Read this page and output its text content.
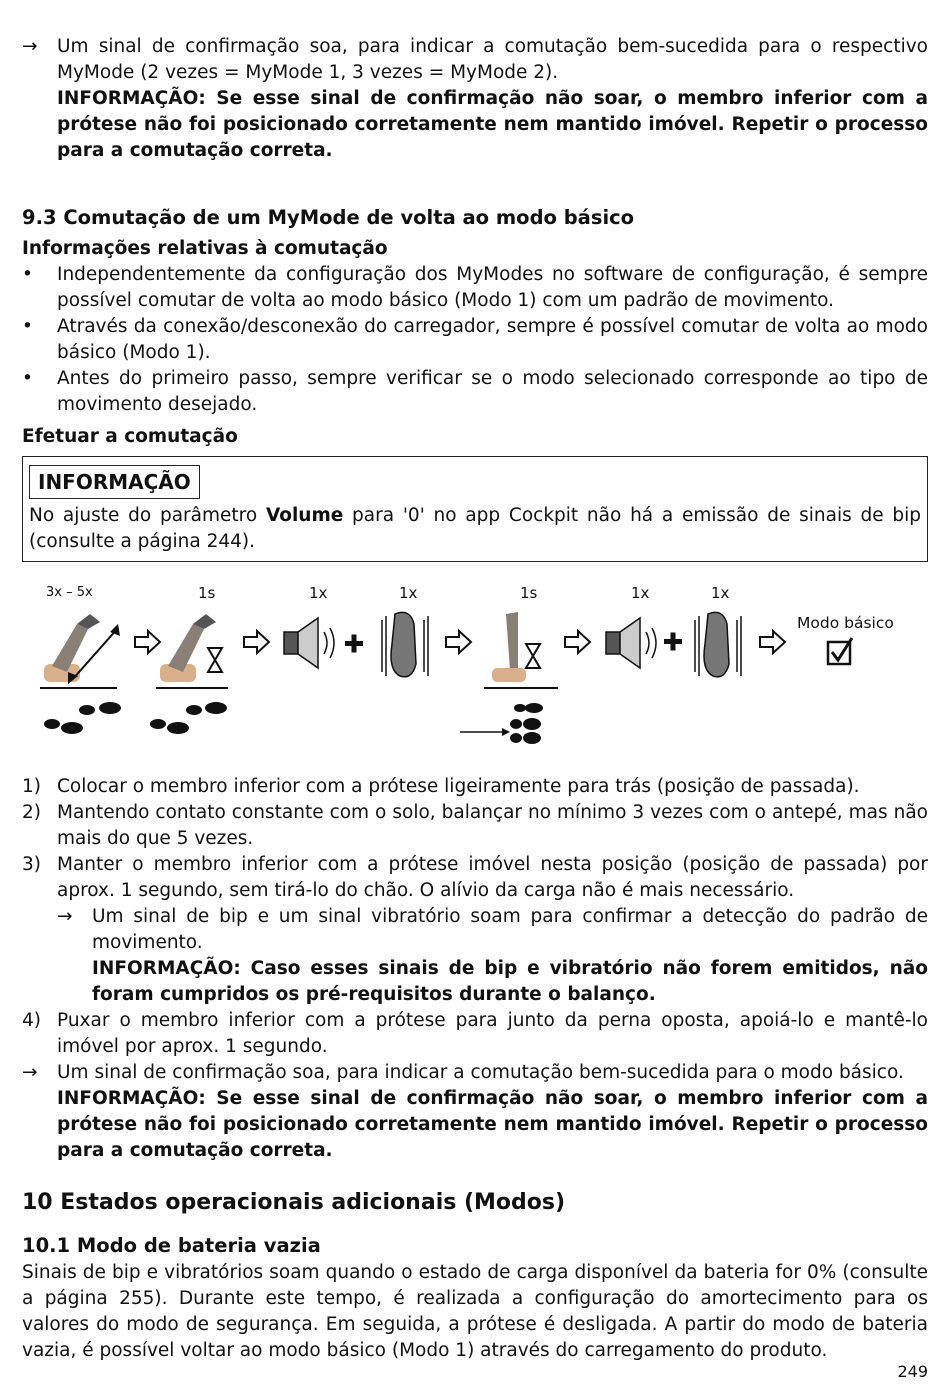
→ Um sinal de confirmação soa, para indicar a comutação bem-sucedida para o respectivo MyMode (2 vezes = MyMode 1, 3 vezes = MyMode 2).
INFORMAÇÃO: Se esse sinal de confirmação não soar, o membro inferior com a prótese não foi posicionado corretamente nem mantido imóvel. Repetir o processo para a comutação correta.
9.3 Comutação de um MyMode de volta ao modo básico
Informações relativas à comutação
• Independentemente da configuração dos MyModes no software de configuração, é sempre possível comutar de volta ao modo básico (Modo 1) com um padrão de movimento.
• Através da conexão/desconexão do carregador, sempre é possível comutar de volta ao modo básico (Modo 1).
• Antes do primeiro passo, sempre verificar se o modo selecionado corresponde ao tipo de movimento desejado.
Efetuar a comutação
INFORMAÇÃO
No ajuste do parâmetro Volume para '0' no app Cockpit não há a emissão de sinais de bip (consulte a página 244).
3x – 5x	1s	1x	1x	1s	1x	1x
Modo básico
1) Colocar o membro inferior com a prótese ligeiramente para trás (posição de passada).
2) Mantendo contato constante com o solo, balançar no mínimo 3 vezes com o antepé, mas não mais do que 5 vezes.
3) Manter o membro inferior com a prótese imóvel nesta posição (posição de passada) por aprox. 1 segundo, sem tirá-lo do chão. O alívio da carga não é mais necessário.
→ Um sinal de bip e um sinal vibratório soam para confirmar a detecção do padrão de movimento.
INFORMAÇÃO: Caso esses sinais de bip e vibratório não forem emitidos, não foram cumpridos os pré-requisitos durante o balanço.
4) Puxar o membro inferior com a prótese para junto da perna oposta, apoiá-lo e mantê-lo imóvel por aprox. 1 segundo.
→ Um sinal de confirmação soa, para indicar a comutação bem-sucedida para o modo básico.
INFORMAÇÃO: Se esse sinal de confirmação não soar, o membro inferior com a prótese não foi posicionado corretamente nem mantido imóvel. Repetir o processo para a comutação correta.
10 Estados operacionais adicionais (Modos)
10.1 Modo de bateria vazia
Sinais de bip e vibratórios soam quando o estado de carga disponível da bateria for 0% (consulte a página 255). Durante este tempo, é realizada a configuração do amortecimento para os valores do modo de segurança. Em seguida, a prótese é desligada. A partir do modo de bateria vazia, é possível voltar ao modo básico (Modo 1) através do carregamento do produto.
249
